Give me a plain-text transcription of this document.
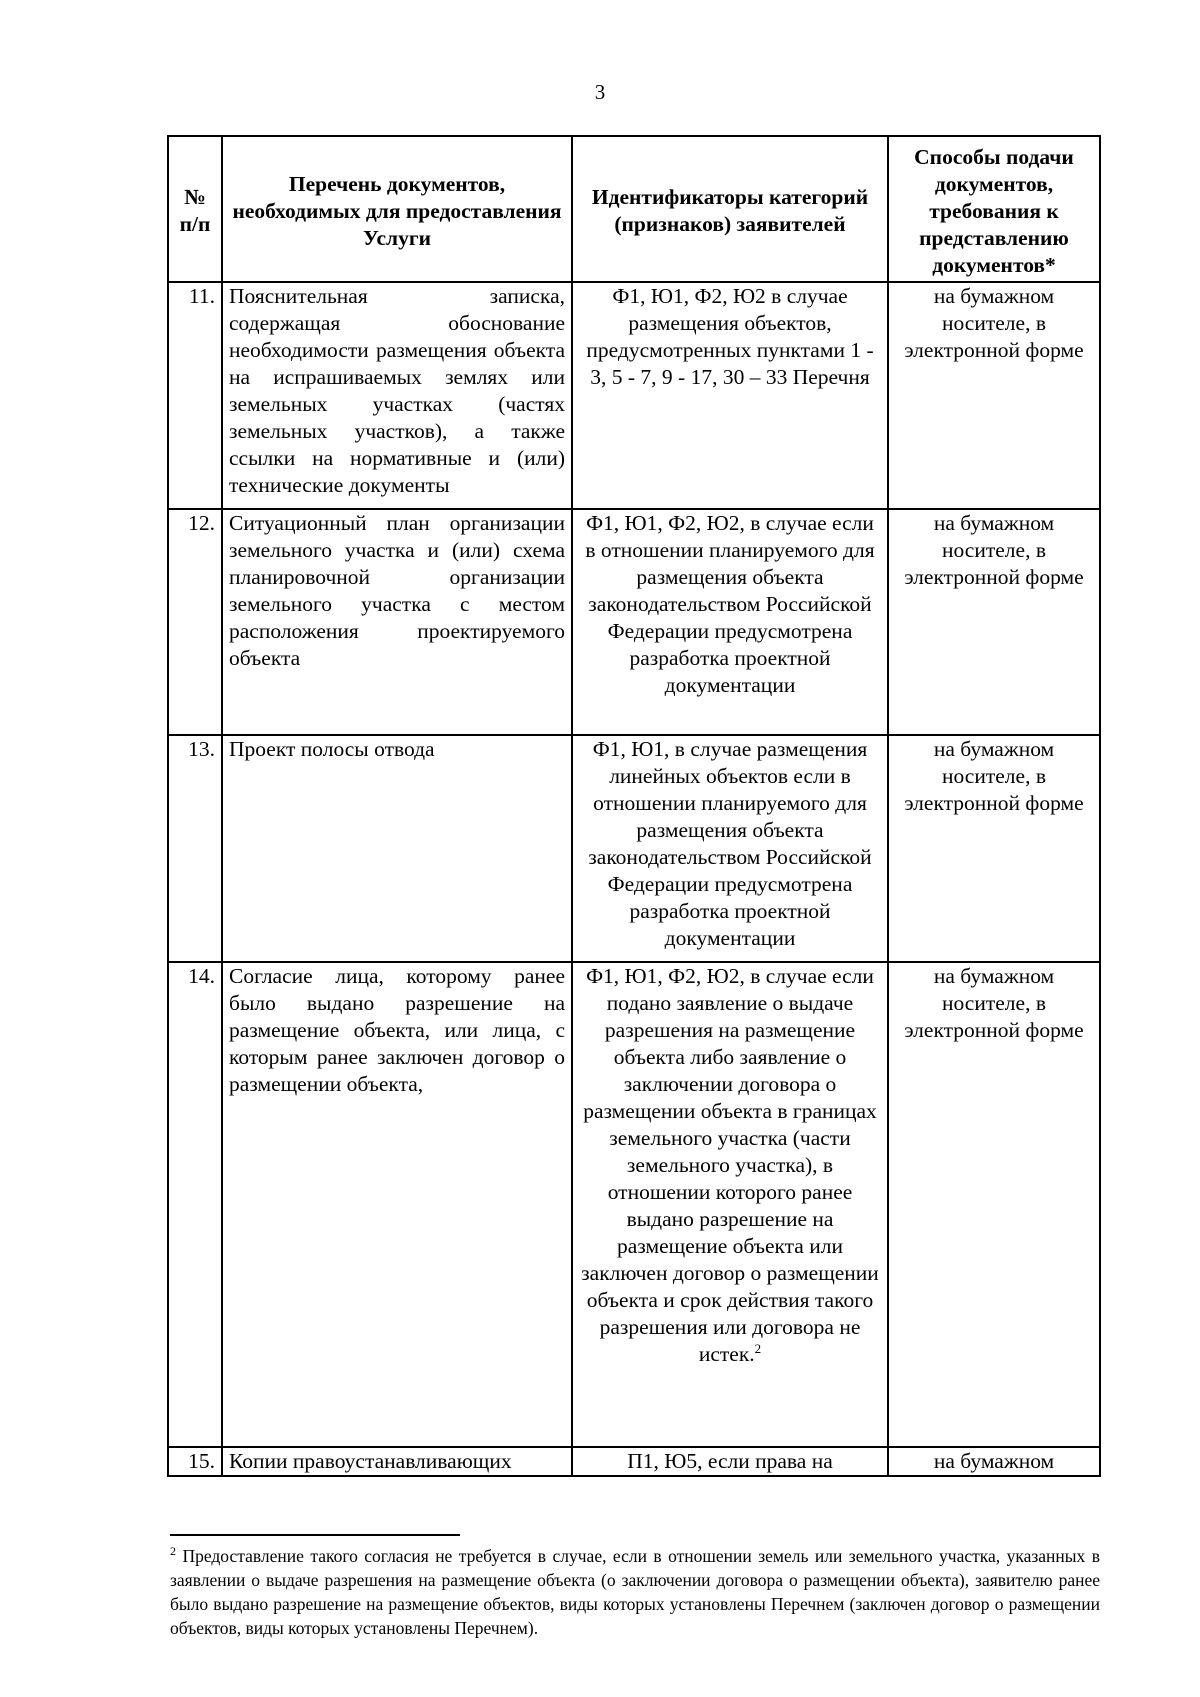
3
№ п/п	Перечень документов, необходимых для предоставления Услуги	Идентификаторы категорий (признаков) заявителей	Способы подачи документов, требования к представлению документов*
11.	Пояснительная записка, содержащая обоснование необходимости размещения объекта на испрашиваемых землях или земельных участках (частях земельных участков), а также ссылки на нормативные и (или) технические документы	Ф1, Ю1, Ф2, Ю2 в случае размещения объектов, предусмотренных пунктами 1 - 3, 5 - 7, 9 - 17, 30 – 33 Перечня	на бумажном носителе, в электронной форме
12.	Ситуационный план организации земельного участка и (или) схема планировочной организации земельного участка с местом расположения проектируемого объекта	Ф1, Ю1, Ф2, Ю2, в случае если в отношении планируемого для размещения объекта законодательством Российской Федерации предусмотрена разработка проектной документации	на бумажном носителе, в электронной форме
13.	Проект полосы отвода	Ф1, Ю1, в случае размещения линейных объектов если в отношении планируемого для размещения объекта законодательством Российской Федерации предусмотрена разработка проектной документации	на бумажном носителе, в электронной форме
14.	Согласие лица, которому ранее было выдано разрешение на размещение объекта, или лица, с которым ранее заключен договор о размещении объекта,	Ф1, Ю1, Ф2, Ю2, в случае если подано заявление о выдаче разрешения на размещение объекта либо заявление о заключении договора о размещении объекта в границах земельного участка (части земельного участка), в отношении которого ранее выдано разрешение на размещение объекта или заключен договор о размещении объекта и срок действия такого разрешения или договора не истек.$^2$	на бумажном носителе, в электронной форме
15.	Копии правоустанавливающих	П1, Ю5, если права на	на бумажном
$^2$ Предоставление такого согласия не требуется в случае, если в отношении земель или земельного участка, указанных в заявлении о выдаче разрешения на размещение объекта (о заключении договора о размещении объекта), заявителю ранее было выдано разрешение на размещение объектов, виды которых установлены Перечнем (заключен договор о размещении объектов, виды которых установлены Перечнем).
